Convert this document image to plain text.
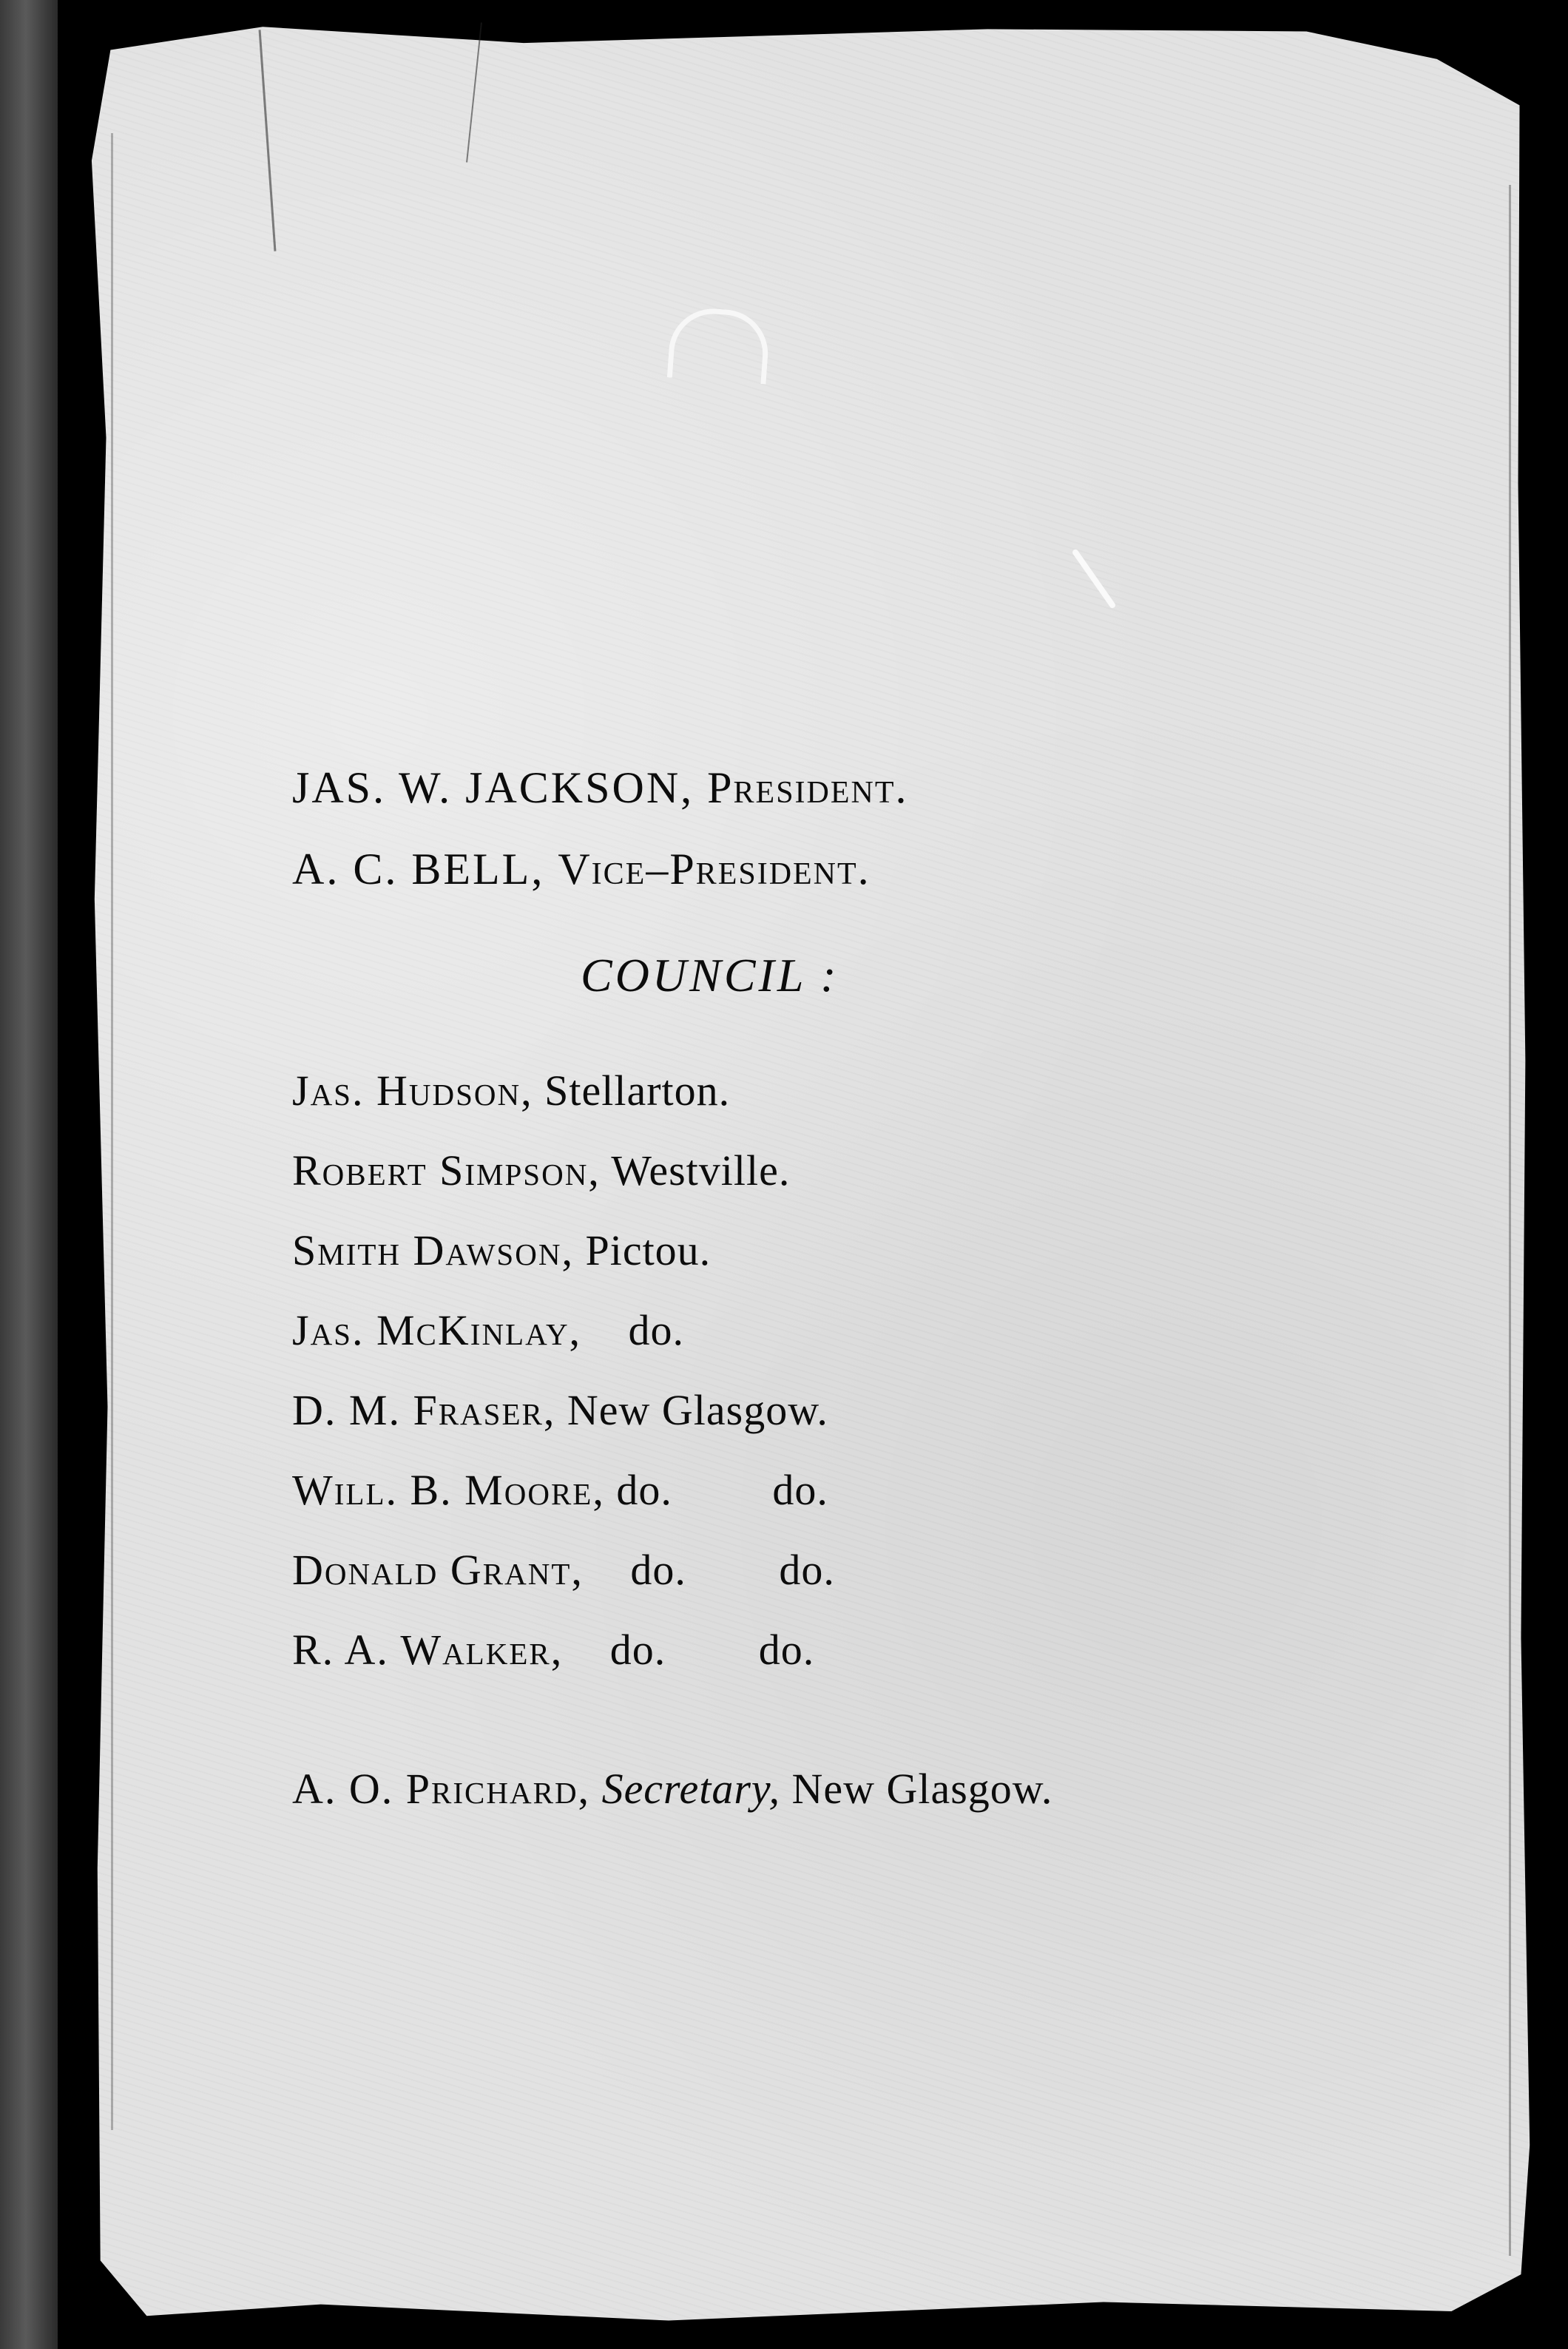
JAS. W. JACKSON, President.
A. C. BELL, Vice–President.
COUNCIL :
Jas. Hudson, Stellarton.
Robert Simpson, Westville.
Smith Dawson, Pictou.
Jas. McKinlay, do.
D. M. Fraser, New Glasgow.
Will. B. Moore, do. do.
Donald Grant, do. do.
R. A. Walker, do. do.
A. O. Prichard, Secretary, New Glasgow.
